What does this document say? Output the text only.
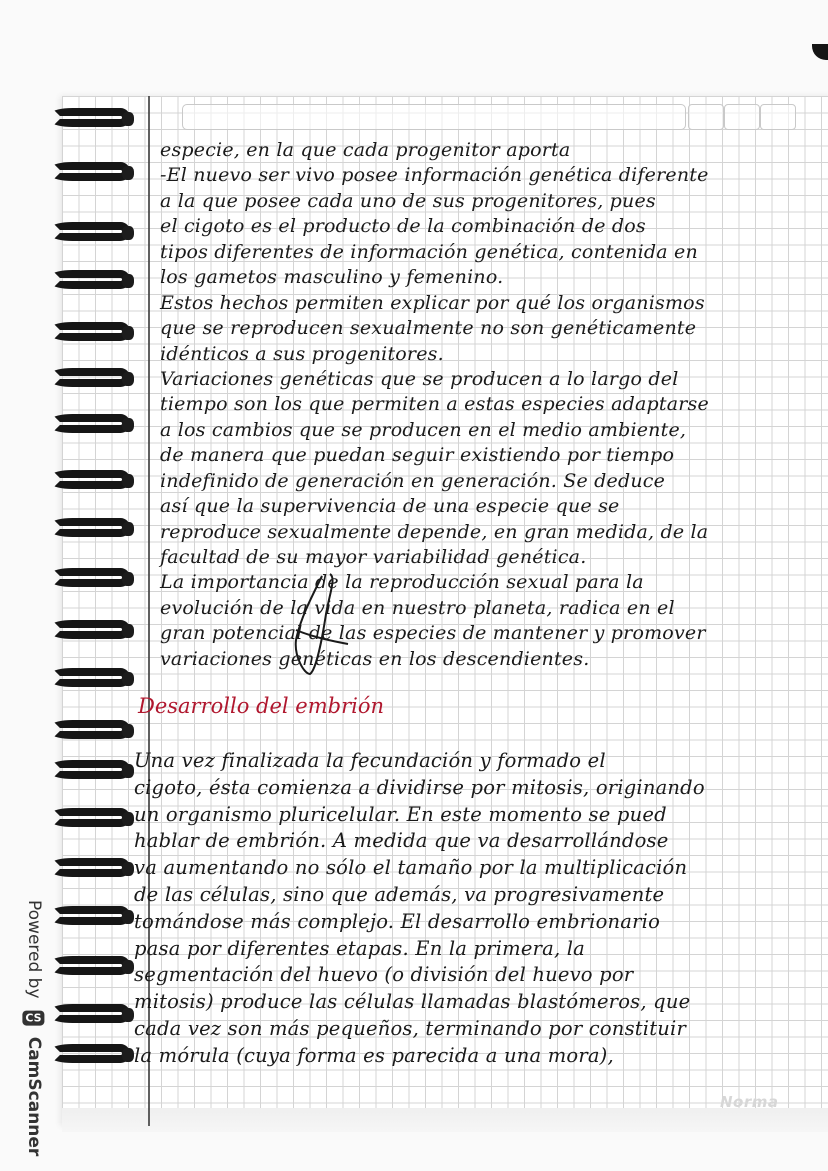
especie, en la que cada progenitor aporta
-El nuevo ser vivo posee información genética diferente
a la que posee cada uno de sus progenitores, pues
el cigoto es el producto de la combinación de dos
tipos diferentes de información genética, contenida en
los gametos masculino y femenino.
Estos hechos permiten explicar por qué los organismos
que se reproducen sexualmente no son genéticamente
idénticos a sus progenitores.
Variaciones genéticas que se producen a lo largo del
tiempo son los que permiten a estas especies adaptarse
a los cambios que se producen en el medio ambiente,
de manera que puedan seguir existiendo por tiempo
indefinido de generación en generación. Se deduce
así que la supervivencia de una especie que se
reproduce sexualmente depende, en gran medida, de la
facultad de su mayor variabilidad genética.
La importancia de la reproducción sexual para la
evolución de la vida en nuestro planeta, radica en el
gran potencial de las especies de mantener y promover
variaciones genéticas en los descendientes.
Desarrollo del embrión
Una vez finalizada la fecundación y formado el
cigoto, ésta comienza a dividirse por mitosis, originando
un organismo pluricelular. En este momento se pued
hablar de embrión. A medida que va desarrollándose
va aumentando no sólo el tamaño por la multiplicación
de las células, sino que además, va progresivamente
tomándose más complejo. El desarrollo embrionario
pasa por diferentes etapas. En la primera, la
segmentación del huevo (o división del huevo por
mitosis) produce las células llamadas blastómeros, que
cada vez son más pequeños, terminando por constituir
la mórula (cuya forma es parecida a una mora),
Powered by
CS
CamScanner	Norma
